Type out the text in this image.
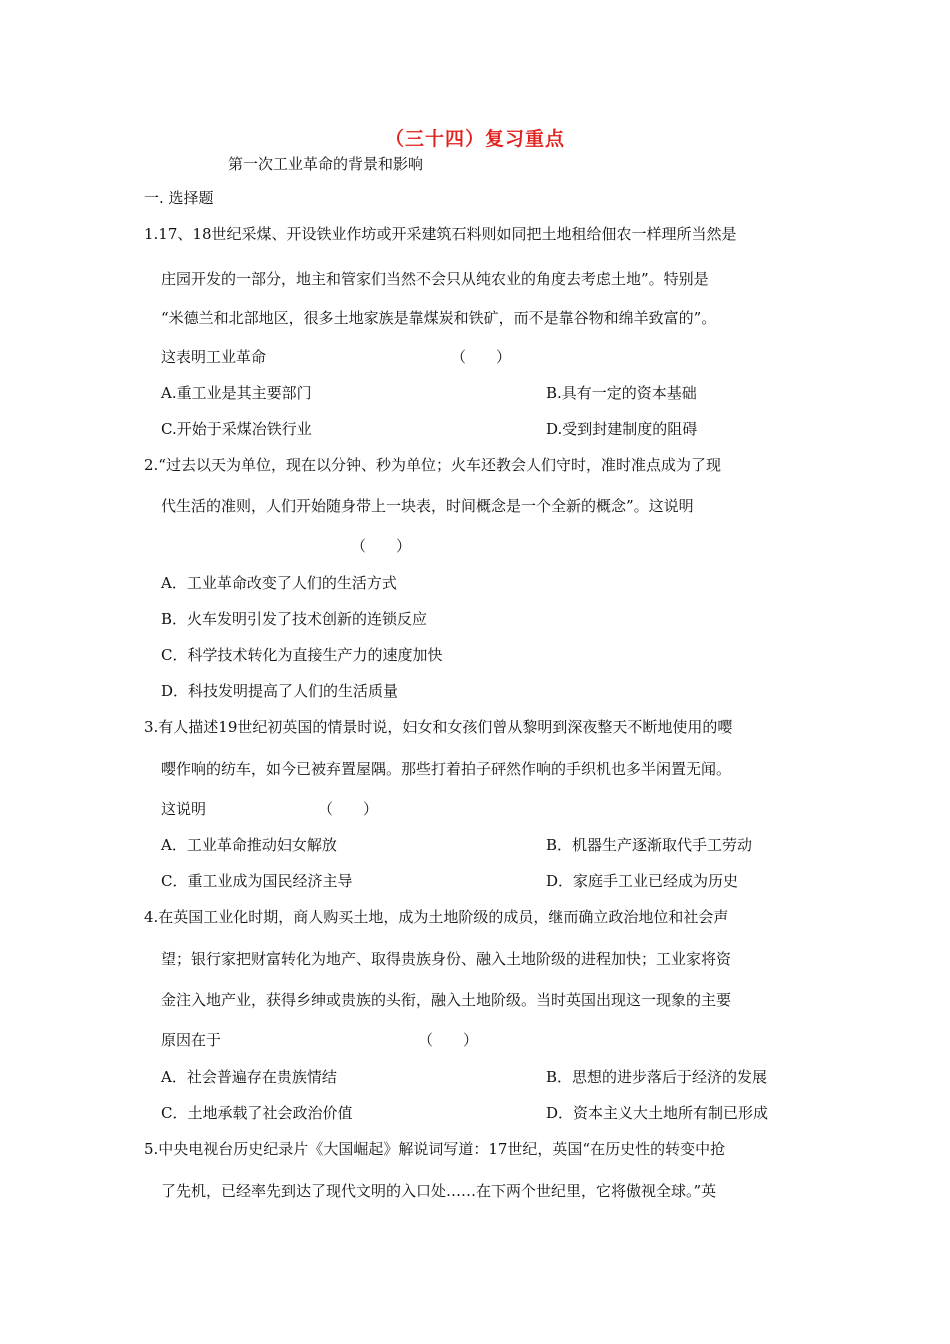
（三十四）复习重点

第一次工业革命的背景和影响

一. 选择题
1.17、18世纪采煤、开设铁业作坊或开采建筑石料则如同把土地租给佃农一样理所当然是
庄园开发的一部分，地主和管家们当然不会只从纯农业的角度去考虑土地”。特别是
“米德兰和北部地区，很多土地家族是靠煤炭和铁矿，而不是靠谷物和绵羊致富的”。
这表明工业革命	（　　）
A.重工业是其主要部门	B.具有一定的资本基础
C.开始于采煤冶铁行业	D.受到封建制度的阻碍
2.“过去以天为单位，现在以分钟、秒为单位；火车还教会人们守时，准时准点成为了现
代生活的准则，人们开始随身带上一块表，时间概念是一个全新的概念”。这说明
（　　）
A．工业革命改变了人们的生活方式
B．火车发明引发了技术创新的连锁反应
C．科学技术转化为直接生产力的速度加快
D．科技发明提高了人们的生活质量
3.有人描述19世纪初英国的情景时说，妇女和女孩们曾从黎明到深夜整天不断地使用的嘤
嘤作响的纺车，如今已被弃置屋隅。那些打着拍子砰然作响的手织机也多半闲置无闻。
这说明	（　　）
A．工业革命推动妇女解放	B．机器生产逐渐取代手工劳动
C．重工业成为国民经济主导	D．家庭手工业已经成为历史
4.在英国工业化时期，商人购买土地，成为土地阶级的成员，继而确立政治地位和社会声
望；银行家把财富转化为地产、取得贵族身份、融入土地阶级的进程加快；工业家将资
金注入地产业，获得乡绅或贵族的头衔，融入土地阶级。当时英国出现这一现象的主要
原因在于	（　　）
A．社会普遍存在贵族情结	B．思想的进步落后于经济的发展
C．土地承载了社会政治价值	D．资本主义大土地所有制已形成
5.中央电视台历史纪录片《大国崛起》解说词写道：17世纪，英国“在历史性的转变中抢
了先机，已经率先到达了现代文明的入口处……在下两个世纪里，它将傲视全球。”英
